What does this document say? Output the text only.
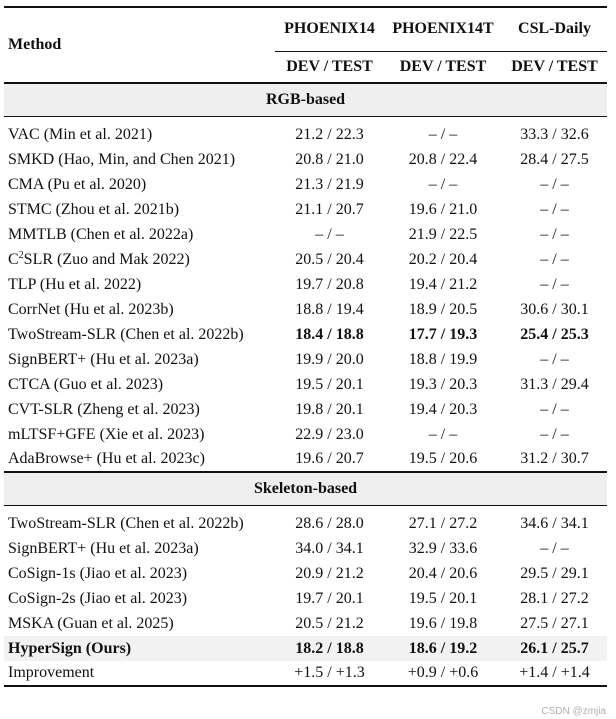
Method	PHOENIX14	PHOENIX14T	CSL-Daily
	DEV / TEST	DEV / TEST	DEV / TEST
RGB-based			

VAC (Min et al. 2021)	21.2 / 22.3	– / –	33.3 / 32.6
SMKD (Hao, Min, and Chen 2021)	20.8 / 21.0	20.8 / 22.4	28.4 / 27.5
CMA (Pu et al. 2020)	21.3 / 21.9	– / –	– / –
STMC (Zhou et al. 2021b)	21.1 / 20.7	19.6 / 21.0	– / –
MMTLB (Chen et al. 2022a)	– / –	21.9 / 22.5	– / –
$C^2SLR$ (Zuo and Mak 2022)	20.5 / 20.4	20.2 / 20.4	– / –
TLP (Hu et al. 2022)	19.7 / 20.8	19.4 / 21.2	– / –
CorrNet (Hu et al. 2023b)	18.8 / 19.4	18.9 / 20.5	30.6 / 30.1
TwoStream-SLR (Chen et al. 2022b)	18.4 / 18.8	17.7 / 19.3	25.4 / 25.3
SignBERT+ (Hu et al. 2023a)	19.9 / 20.0	18.8 / 19.9	– / –
CTCA (Guo et al. 2023)	19.5 / 20.1	19.3 / 20.3	31.3 / 29.4
CVT-SLR (Zheng et al. 2023)	19.8 / 20.1	19.4 / 20.3	– / –
mLTSF+GFE (Xie et al. 2023)	22.9 / 23.0	– / –	– / –
AdaBrowse+ (Hu et al. 2023c)	19.6 / 20.7	19.5 / 20.6	31.2 / 30.7
Skeleton-based			

TwoStream-SLR (Chen et al. 2022b)	28.6 / 28.0	27.1 / 27.2	34.6 / 34.1
SignBERT+ (Hu et al. 2023a)	34.0 / 34.1	32.9 / 33.6	– / –
CoSign-1s (Jiao et al. 2023)	20.9 / 21.2	20.4 / 20.6	29.5 / 29.1
CoSign-2s (Jiao et al. 2023)	19.7 / 20.1	19.5 / 20.1	28.1 / 27.2
MSKA (Guan et al. 2025)	20.5 / 21.2	19.6 / 19.8	27.5 / 27.1
HyperSign (Ours)	18.2 / 18.8	18.6 / 19.2	26.1 / 25.7
Improvement	+1.5 / +1.3	+0.9 / +0.6	+1.4 / +1.4
CSDN @zmjia
